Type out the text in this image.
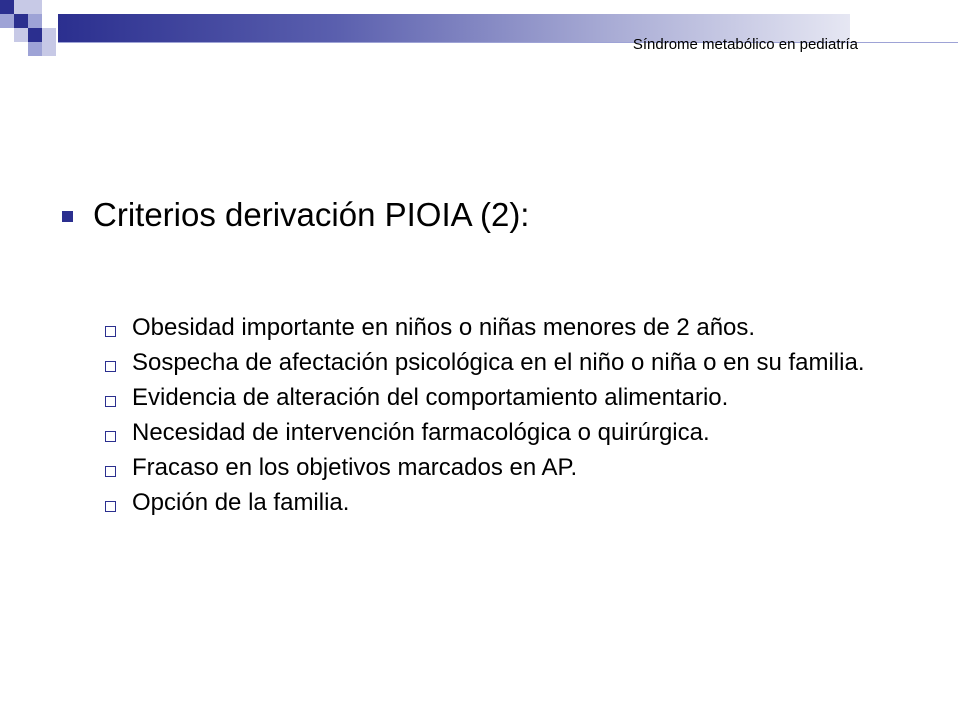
Síndrome metabólico en pediatría
Criterios derivación PIOIA (2):
Obesidad importante en niños o niñas menores de 2 años.
Sospecha de afectación psicológica en el niño o niña o en su familia.
Evidencia de alteración del comportamiento alimentario.
Necesidad de intervención farmacológica o quirúrgica.
Fracaso en los objetivos marcados en AP.
Opción de la familia.
